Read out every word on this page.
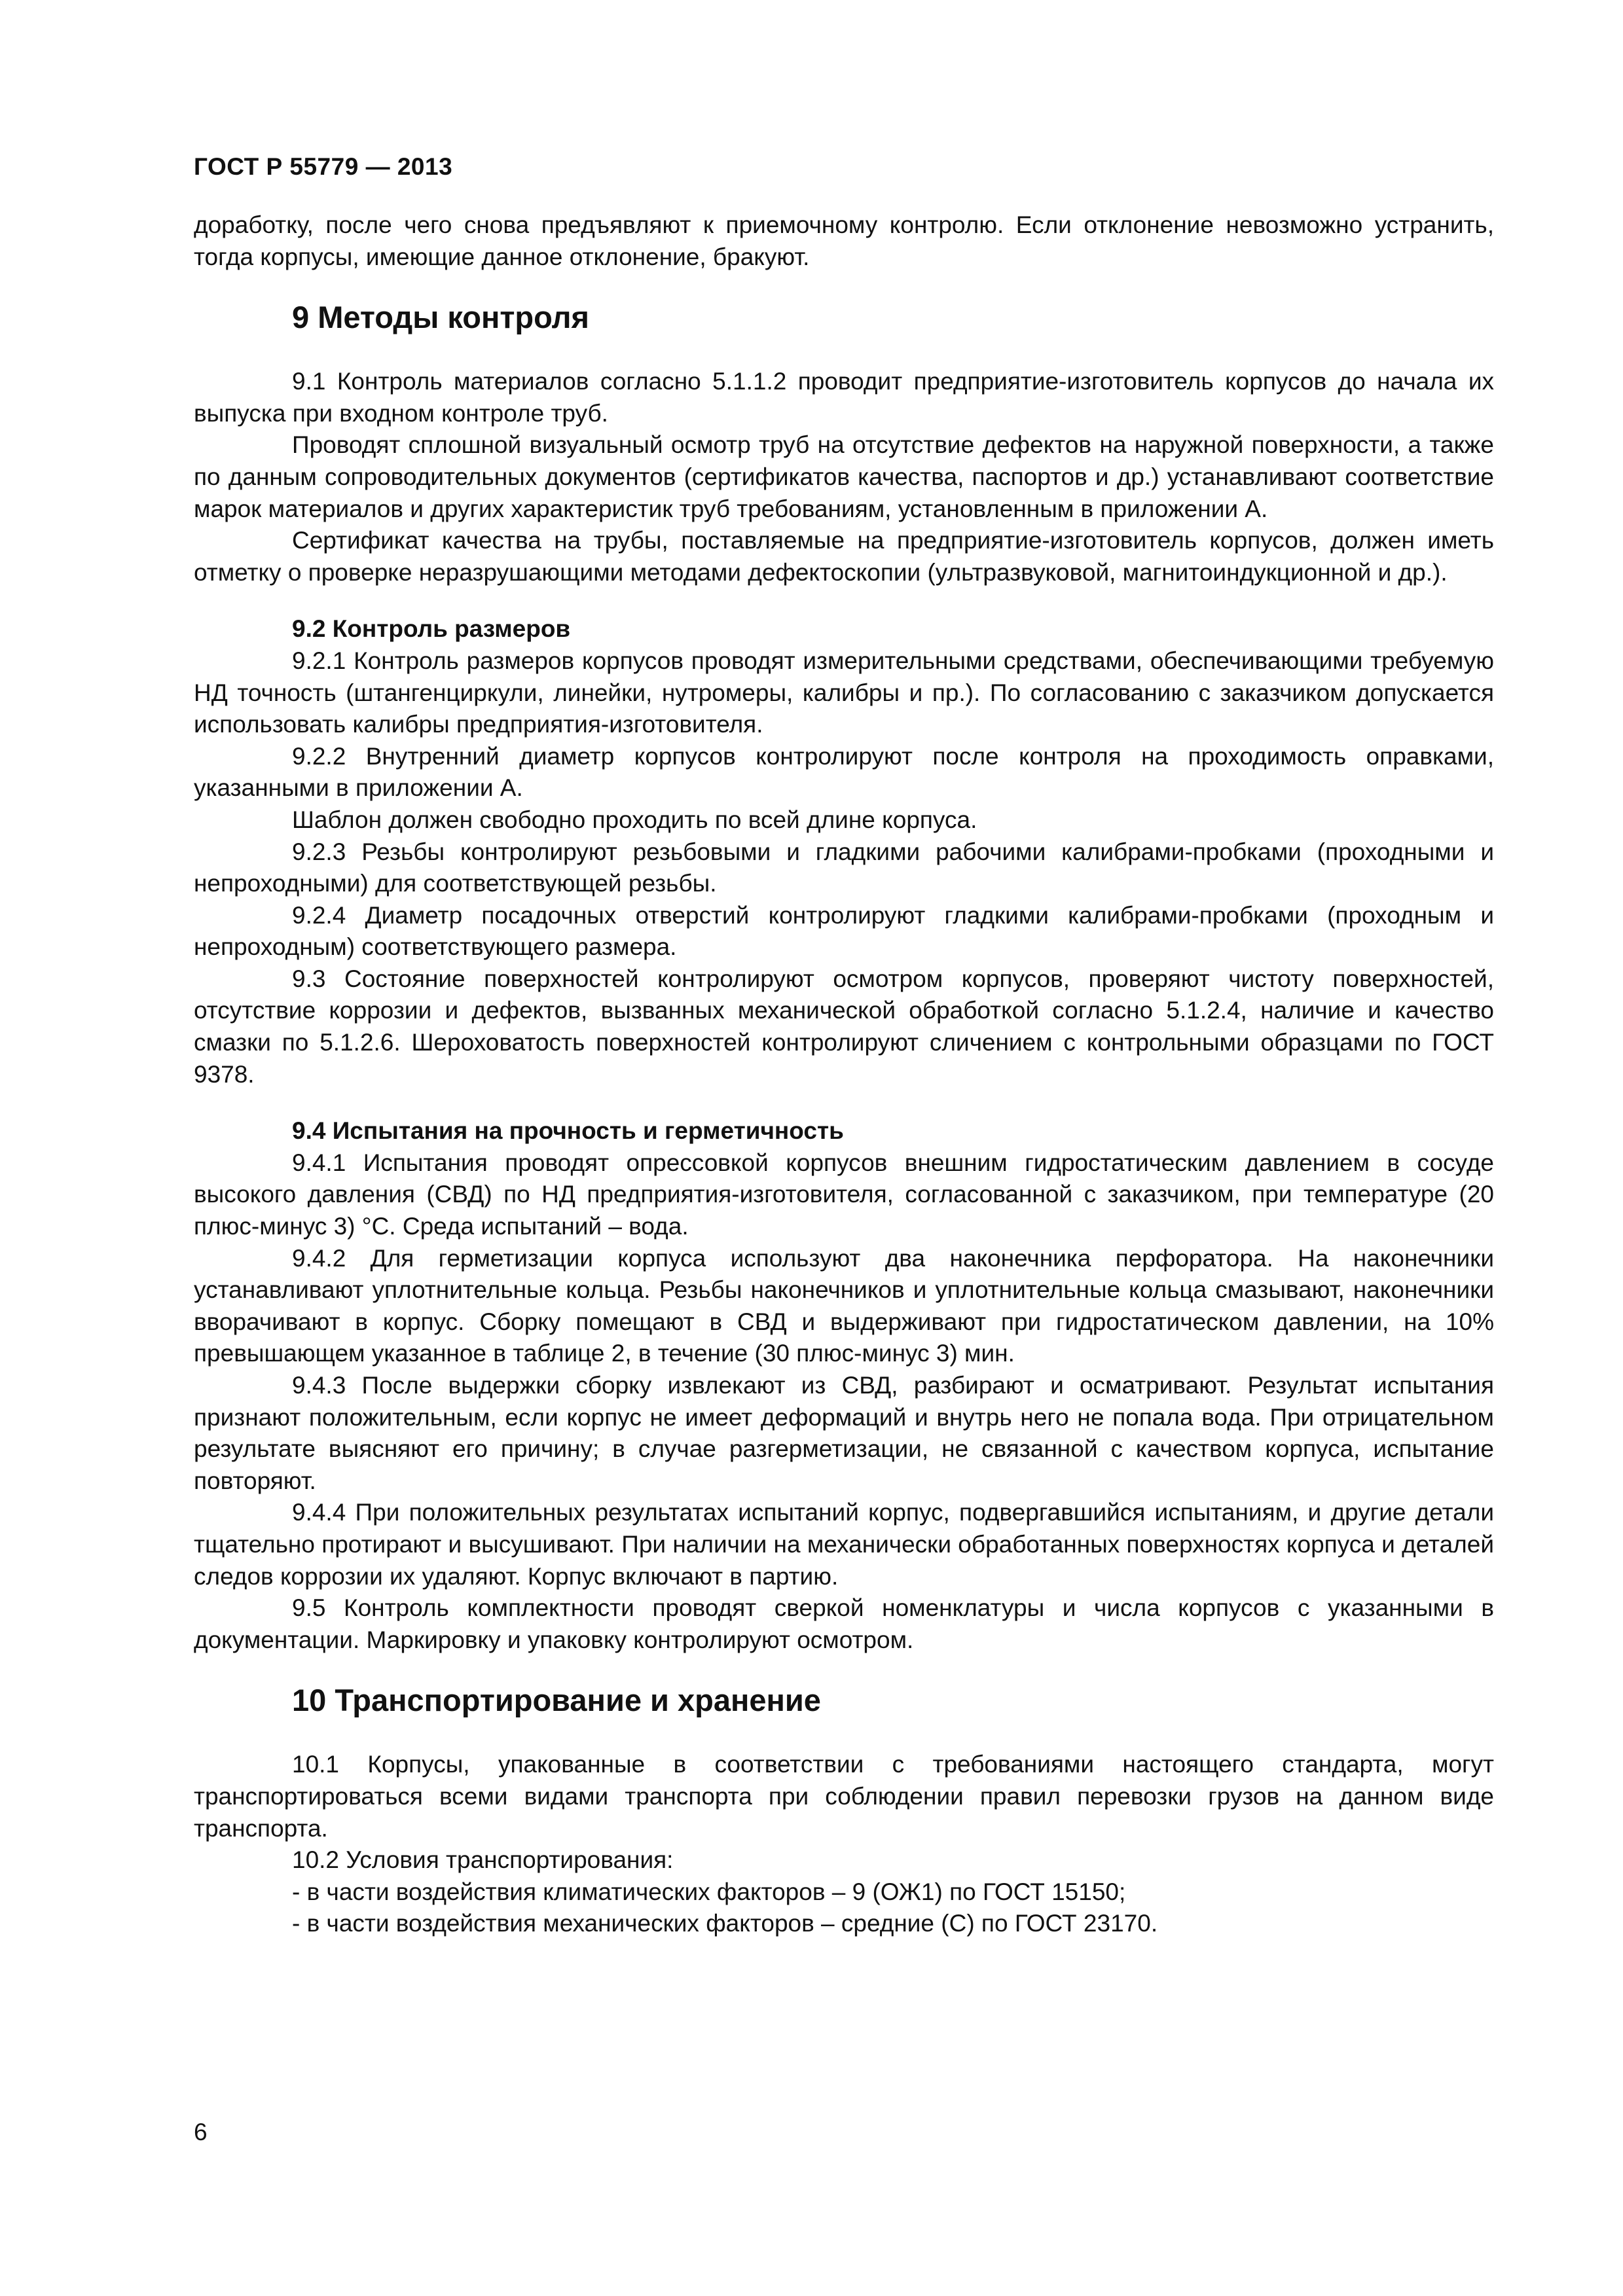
ГОСТ Р 55779 — 2013

доработку, после чего снова предъявляют к приемочному контролю. Если отклонение невозможно устранить, тогда корпусы, имеющие данное отклонение, бракуют.

9 Методы контроля

9.1 Контроль материалов согласно 5.1.1.2 проводит предприятие-изготовитель корпусов до начала их выпуска при входном контроле труб.

Проводят сплошной визуальный осмотр труб на отсутствие дефектов на наружной поверхности, а также по данным сопроводительных документов (сертификатов качества, паспортов и др.) устанавливают соответствие марок материалов и других характеристик труб требованиям, установленным в приложении А.

Сертификат качества на трубы, поставляемые на предприятие-изготовитель корпусов, должен иметь отметку о проверке неразрушающими методами дефектоскопии (ультразвуковой, магнитоиндукционной и др.).

9.2 Контроль размеров

9.2.1 Контроль размеров корпусов проводят измерительными средствами, обеспечивающими требуемую НД точность (штангенциркули, линейки, нутромеры, калибры и пр.). По согласованию с заказчиком допускается использовать калибры предприятия-изготовителя.

9.2.2 Внутренний диаметр корпусов контролируют после контроля на проходимость оправками, указанными в приложении А.

Шаблон должен свободно проходить по всей длине корпуса.

9.2.3 Резьбы контролируют резьбовыми и гладкими рабочими калибрами-пробками (проходными и непроходными) для соответствующей резьбы.

9.2.4 Диаметр посадочных отверстий контролируют гладкими калибрами-пробками (проходным и непроходным) соответствующего размера.

9.3 Состояние поверхностей контролируют осмотром корпусов, проверяют чистоту поверхностей, отсутствие коррозии и дефектов, вызванных механической обработкой согласно 5.1.2.4, наличие и качество смазки по 5.1.2.6. Шероховатость поверхностей контролируют сличением с контрольными образцами по ГОСТ 9378.

9.4 Испытания на прочность и герметичность

9.4.1 Испытания проводят опрессовкой корпусов внешним гидростатическим давлением в сосуде высокого давления (СВД) по НД предприятия-изготовителя, согласованной с заказчиком, при температуре (20 плюс-минус 3) °С. Среда испытаний – вода.

9.4.2 Для герметизации корпуса используют два наконечника перфоратора. На наконечники устанавливают уплотнительные кольца. Резьбы наконечников и уплотнительные кольца смазывают, наконечники вворачивают в корпус. Сборку помещают в СВД и выдерживают при гидростатическом давлении, на 10% превышающем указанное в таблице 2, в течение (30 плюс-минус 3) мин.

9.4.3 После выдержки сборку извлекают из СВД, разбирают и осматривают. Результат испытания признают положительным, если корпус не имеет деформаций и внутрь него не попала вода. При отрицательном результате выясняют его причину; в случае разгерметизации, не связанной с качеством корпуса, испытание повторяют.

9.4.4 При положительных результатах испытаний корпус, подвергавшийся испытаниям, и другие детали тщательно протирают и высушивают. При наличии на механически обработанных поверхностях корпуса и деталей следов коррозии их удаляют. Корпус включают в партию.

9.5 Контроль комплектности проводят сверкой номенклатуры и числа корпусов с указанными в документации. Маркировку и упаковку контролируют осмотром.

10 Транспортирование и хранение

10.1 Корпусы, упакованные в соответствии с требованиями настоящего стандарта, могут транспортироваться всеми видами транспорта при соблюдении правил перевозки грузов на данном виде транспорта.

10.2 Условия транспортирования:

- в части воздействия климатических факторов – 9 (ОЖ1) по ГОСТ 15150;

- в части воздействия механических факторов – средние (С) по ГОСТ 23170.

6
